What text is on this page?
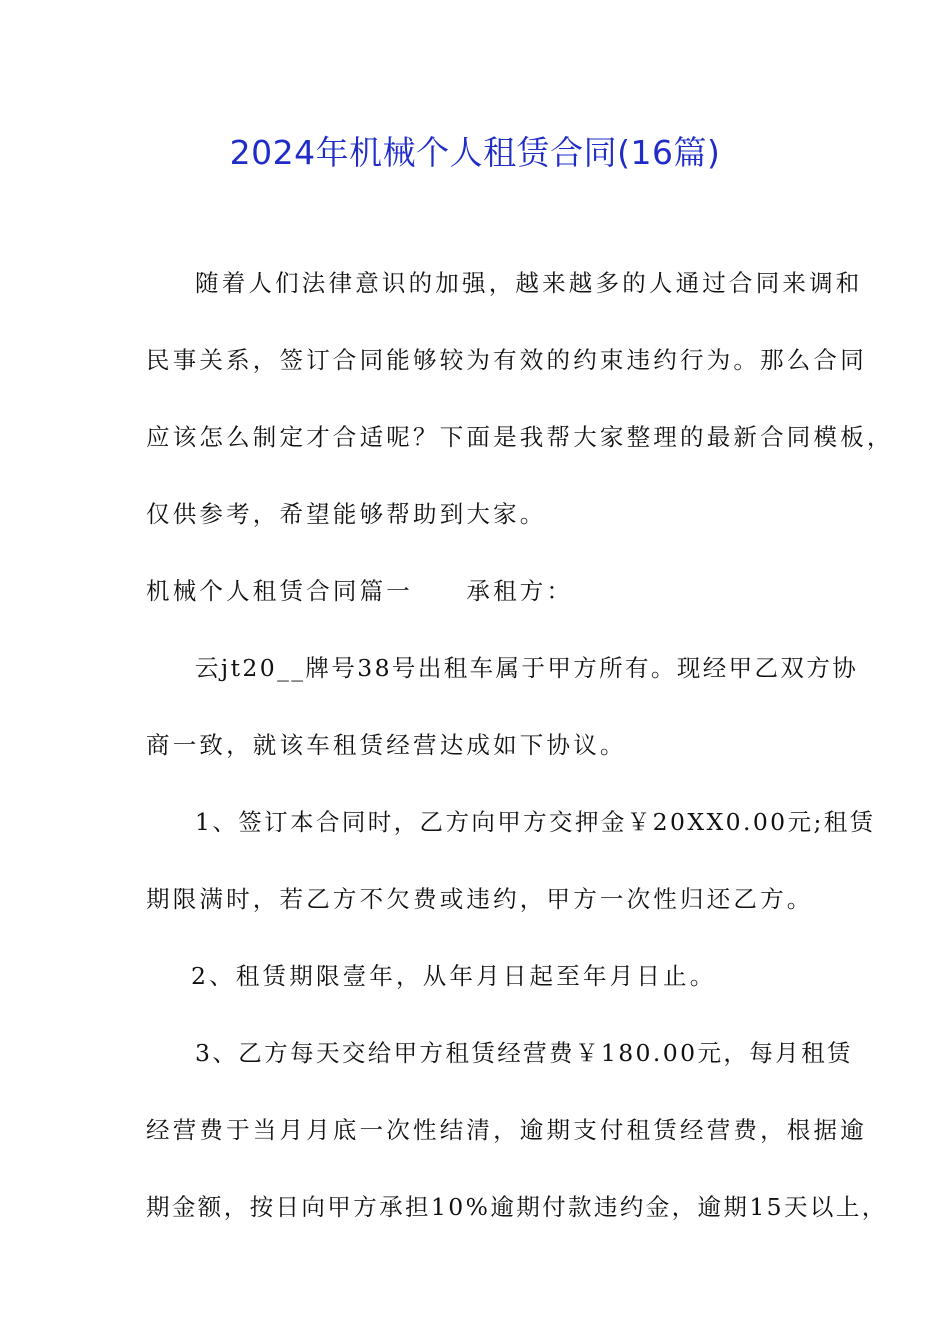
2024年机械个人租赁合同(16篇)
随着人们法律意识的加强，越来越多的人通过合同来调和
民事关系，签订合同能够较为有效的约束违约行为。那么合同
应该怎么制定才合适呢？下面是我帮大家整理的最新合同模板，
仅供参考，希望能够帮助到大家。
机械个人租赁合同篇一　　承租方：
云jt20__牌号38号出租车属于甲方所有。现经甲乙双方协
商一致，就该车租赁经营达成如下协议。
1、签订本合同时，乙方向甲方交押金￥20XX0.00元;租赁
期限满时，若乙方不欠费或违约，甲方一次性归还乙方。
2、租赁期限壹年，从年月日起至年月日止。
3、乙方每天交给甲方租赁经营费￥180.00元，每月租赁
经营费于当月月底一次性结清，逾期支付租赁经营费，根据逾
期金额，按日向甲方承担10%逾期付款违约金，逾期15天以上，
